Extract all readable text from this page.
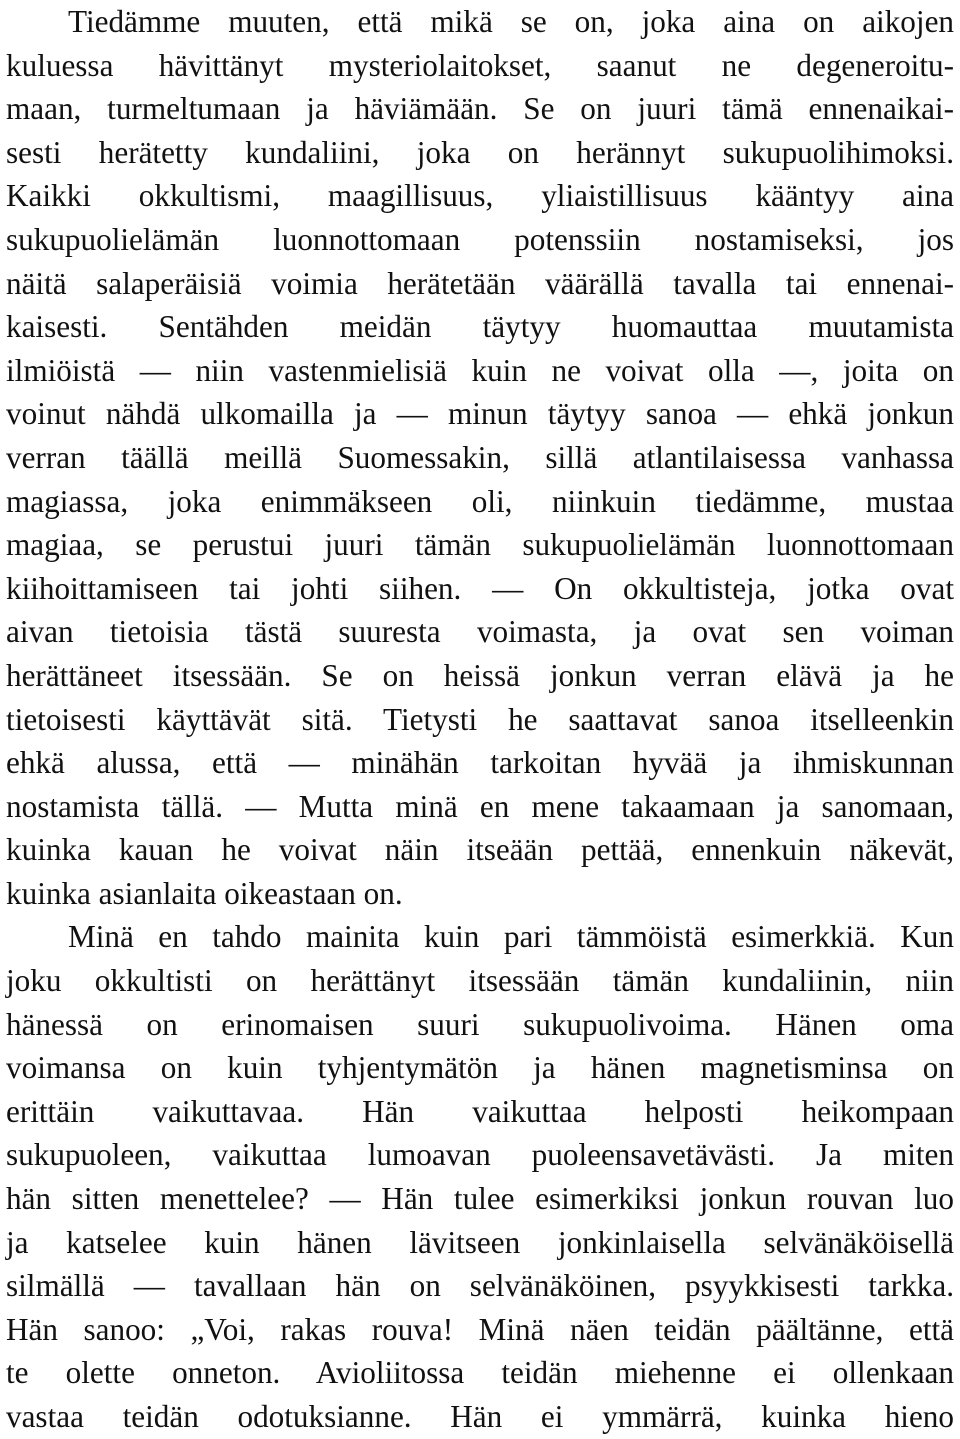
Tiedämme muuten, että mikä se on, joka aina on aikojen
kuluessa hävittänyt mysteriolaitokset, saanut ne degeneroitu-
maan, turmeltumaan ja häviämään. Se on juuri tämä ennenaikai-
sesti herätetty kundaliini, joka on herännyt sukupuolihimoksi.
Kaikki okkultismi, maagillisuus, yliaistillisuus kääntyy aina
sukupuolielämän luonnottomaan potenssiin nostamiseksi, jos
näitä salaperäisiä voimia herätetään väärällä tavalla tai ennenai-
kaisesti. Sentähden meidän täytyy huomauttaa muutamista
ilmiöistä — niin vastenmielisiä kuin ne voivat olla —, joita on
voinut nähdä ulkomailla ja — minun täytyy sanoa — ehkä jonkun
verran täällä meillä Suomessakin, sillä atlantilaisessa vanhassa
magiassa, joka enimmäkseen oli, niinkuin tiedämme, mustaa
magiaa, se perustui juuri tämän sukupuolielämän luonnottomaan
kiihoittamiseen tai johti siihen. — On okkultisteja, jotka ovat
aivan tietoisia tästä suuresta voimasta, ja ovat sen voiman
herättäneet itsessään. Se on heissä jonkun verran elävä ja he
tietoisesti käyttävät sitä. Tietysti he saattavat sanoa itselleenkin
ehkä alussa, että — minähän tarkoitan hyvää ja ihmiskunnan
nostamista tällä. — Mutta minä en mene takaamaan ja sanomaan,
kuinka kauan he voivat näin itseään pettää, ennenkuin näkevät,
kuinka asianlaita oikeastaan on.
Minä en tahdo mainita kuin pari tämmöistä esimerkkiä. Kun
joku okkultisti on herättänyt itsessään tämän kundaliinin, niin
hänessä on erinomaisen suuri sukupuolivoima. Hänen oma
voimansa on kuin tyhjentymätön ja hänen magnetisminsa on
erittäin vaikuttavaa. Hän vaikuttaa helposti heikompaan
sukupuoleen, vaikuttaa lumoavan puoleensavetävästi. Ja miten
hän sitten menettelee? — Hän tulee esimerkiksi jonkun rouvan luo
ja katselee kuin hänen lävitseen jonkinlaisella selvänäköisellä
silmällä — tavallaan hän on selvänäköinen, psyykkisesti tarkka.
Hän sanoo: „Voi, rakas rouva! Minä näen teidän päältänne, että
te olette onneton. Avioliitossa teidän miehenne ei ollenkaan
vastaa teidän odotuksianne. Hän ei ymmärrä, kuinka hieno
